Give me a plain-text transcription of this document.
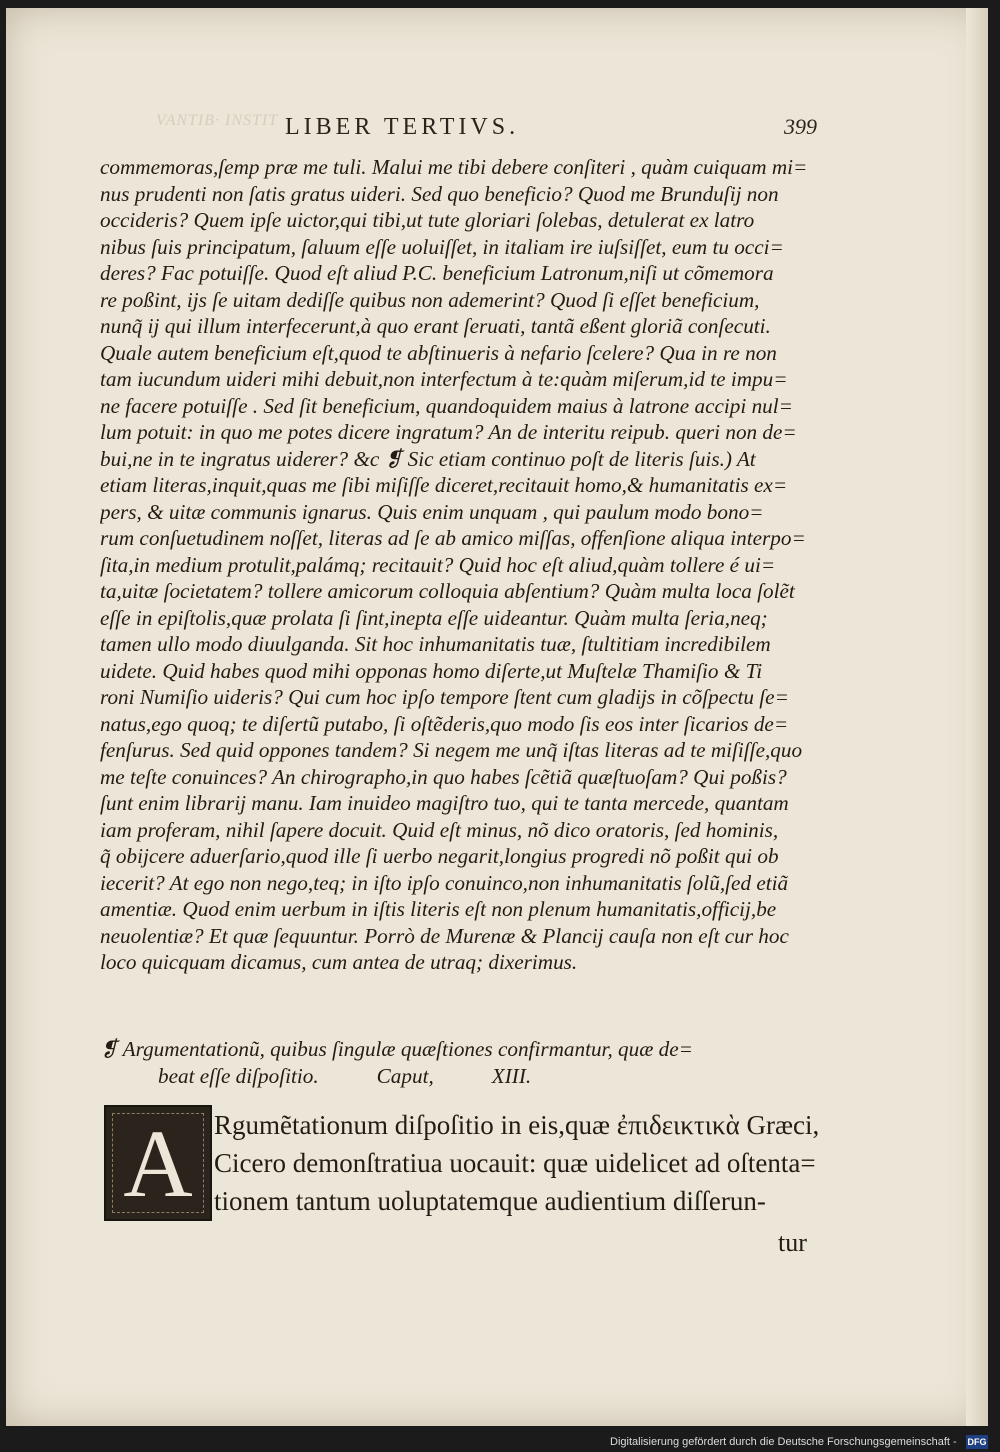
VANTIB∙ INSTIT LIBER TERTIVS.	399
commemoras,ſemp præ me tuli. Malui me tibi debere conſiteri , quàm cuiquam mi=
nus prudenti non ſatis gratus uideri. Sed quo beneficio? Quod me Brunduſij non
occideris? Quem ipſe uictor,qui tibi,ut tute gloriari ſolebas, detulerat ex latro
nibus ſuis principatum, ſaluum eſſe uoluiſſet, in italiam ire iuſsiſſet, eum tu occi=
deres? Fac potuiſſe. Quod eſt aliud P.C. beneficium Latronum,niſi ut cõmemora
re poßint, ijs ſe uitam dediſſe quibus non ademerint? Quod ſi eſſet beneficium,
nunq̃ ij qui illum interfecerunt,à quo erant ſeruati, tantã eßent gloriã conſecuti.
Quale autem beneficium eſt,quod te abſtinueris à nefario ſcelere? Qua in re non
tam iucundum uideri mihi debuit,non interfectum à te:quàm miſerum,id te impu=
ne facere potuiſſe . Sed ſit beneficium, quandoquidem maius à latrone accipi nul=
lum potuit: in quo me potes dicere ingratum? An de interitu reipub. queri non de=
bui,ne in te ingratus uiderer? &c ❡ Sic etiam continuo poſt de literis ſuis.) At
etiam literas,inquit,quas me ſibi miſiſſe diceret,recitauit homo,& humanitatis ex=
pers, & uitæ communis ignarus. Quis enim unquam , qui paulum modo bono=
rum conſuetudinem noſſet, literas ad ſe ab amico miſſas, offenſione aliqua interpo=
ſita,in medium protulit,palámq; recitauit? Quid hoc eſt aliud,quàm tollere é ui=
ta,uitæ ſocietatem? tollere amicorum colloquia abſentium? Quàm multa loca ſolẽt
eſſe in epiſtolis,quæ prolata ſi ſint,inepta eſſe uideantur. Quàm multa ſeria,neq;
tamen ullo modo diuulganda. Sit hoc inhumanitatis tuæ, ſtultitiam incredibilem
uidete. Quid habes quod mihi opponas homo diſerte,ut Muſtelæ Thamiſio & Ti
roni Numiſio uideris? Qui cum hoc ipſo tempore ſtent cum gladijs in cõſpectu ſe=
natus,ego quoq; te diſertũ putabo, ſi oſtẽderis,quo modo ſis eos inter ſicarios de=
fenſurus. Sed quid oppones tandem? Si negem me unq̃ iſtas literas ad te miſiſſe,quo
me teſte conuinces? An chirographo,in quo habes ſcẽtiã quæſtuoſam? Qui poßis?
ſunt enim librarij manu. Iam inuideo magiſtro tuo, qui te tanta mercede, quantam
iam proferam, nihil ſapere docuit. Quid eſt minus, nõ dico oratoris, ſed hominis,
q̃ obijcere aduerſario,quod ille ſi uerbo negarit,longius progredi nõ poßit qui ob
iecerit? At ego non nego,teq; in iſto ipſo conuinco,non inhumanitatis ſolũ,ſed etiã
amentiæ. Quod enim uerbum in iſtis literis eſt non plenum humanitatis,officij,be
neuolentiæ? Et quæ ſequuntur. Porrò de Murenæ & Plancij cauſa non eſt cur hoc
loco quicquam dicamus, cum antea de utraq; dixerimus.
❡ Argumentationũ, quibus ſingulæ quæſtiones confirmantur, quæ de=
beat eſſe diſpoſitio.	Caput,	XIII.
A Rgumẽtationum diſpoſitio in eis,quæ ἐπιδεικτικὰ Græci,
Cicero demonſtratiua uocauit: quæ uidelicet ad oſtenta=
tionem tantum uoluptatemque audientium diſſerun-
tur
Digitalisierung gefördert durch die Deutsche Forschungsgemeinschaft - DFG
